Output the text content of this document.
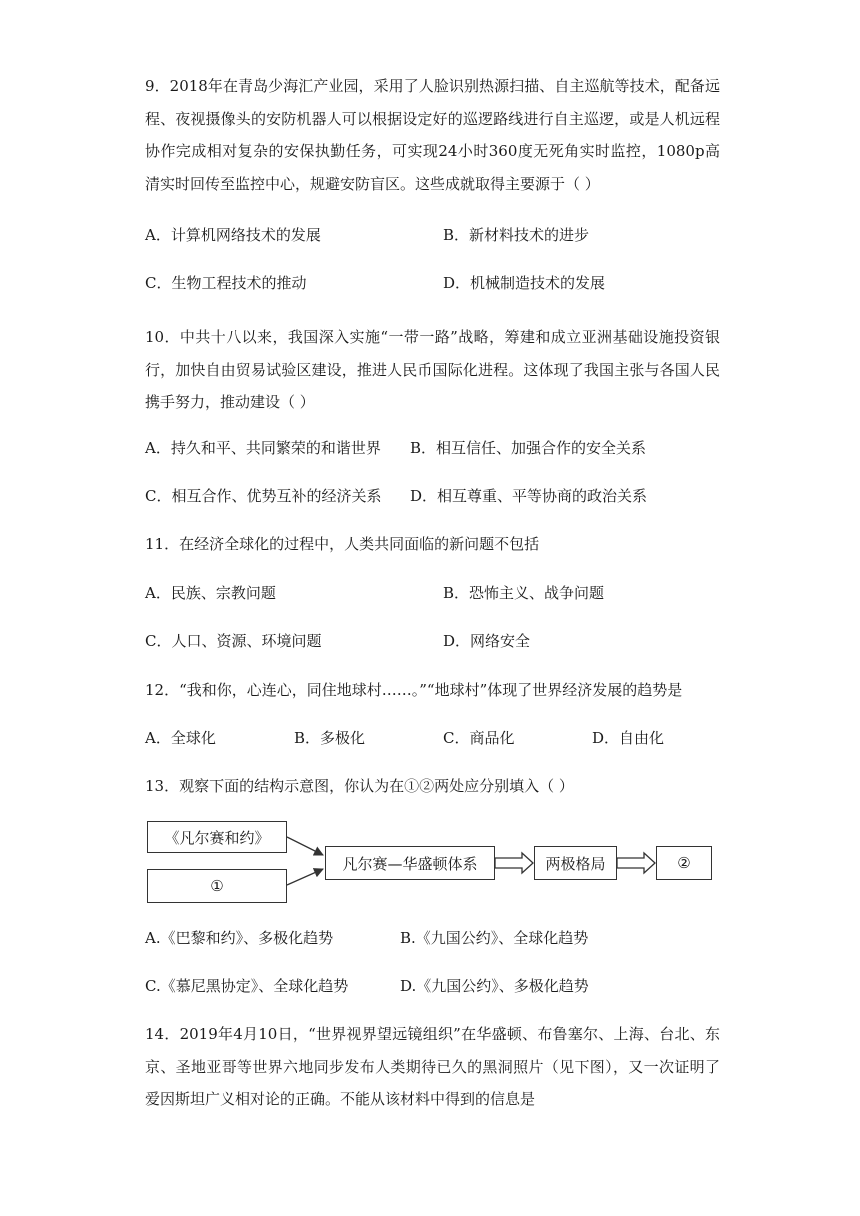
9．2018年在青岛少海汇产业园，采用了人脸识别热源扫描、自主巡航等技术，配备远程、夜视摄像头的安防机器人可以根据设定好的巡逻路线进行自主巡逻，或是人机远程协作完成相对复杂的安保执勤任务，可实现24小时360度无死角实时监控，1080p高清实时回传至监控中心，规避安防盲区。这些成就取得主要源于（ ）
A．计算机网络技术的发展	B．新材料技术的进步
C．生物工程技术的推动	D．机械制造技术的发展
10．中共十八以来，我国深入实施“一带一路”战略，筹建和成立亚洲基础设施投资银行，加快自由贸易试验区建设，推进人民币国际化进程。这体现了我国主张与各国人民携手努力，推动建设（ ）
A．持久和平、共同繁荣的和谐世界 B．相互信任、加强合作的安全关系
C．相互合作、优势互补的经济关系 D．相互尊重、平等协商的政治关系
11．在经济全球化的过程中，人类共同面临的新问题不包括
A．民族、宗教问题	B．恐怖主义、战争问题
C．人口、资源、环境问题	D．网络安全
12．“我和你，心连心，同住地球村……。”“地球村”体现了世界经济发展的趋势是
A．全球化	B．多极化	C．商品化	D．自由化
13．观察下面的结构示意图，你认为在①②两处应分别填入（ ）
《凡尔赛和约》
①
凡尔赛—华盛顿体系	两极格局	②
A.《巴黎和约》、多极化趋势	B.《九国公约》、全球化趋势
C.《慕尼黑协定》、全球化趋势	D.《九国公约》、多极化趋势
14．2019年4月10日，“世界视界望远镜组织”在华盛顿、布鲁塞尔、上海、台北、东京、圣地亚哥等世界六地同步发布人类期待已久的黑洞照片（见下图），又一次证明了爱因斯坦广义相对论的正确。不能从该材料中得到的信息是
